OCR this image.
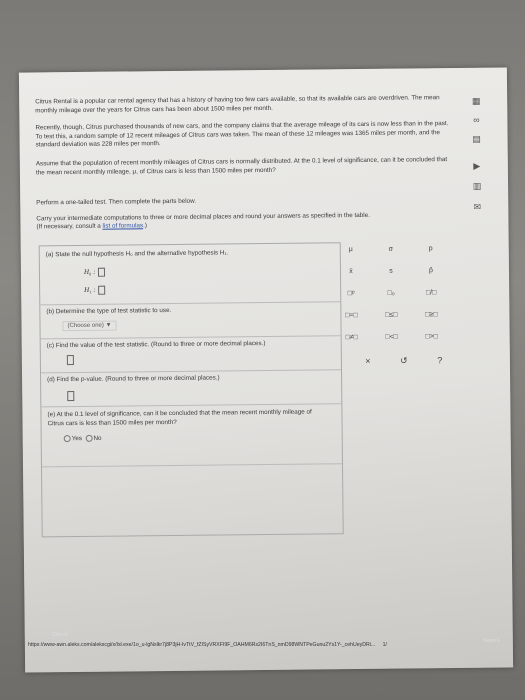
▦
∞
▤
▶
▥
✉
Citrus Rental is a popular car rental agency that has a history of having too few cars available, so that its available cars are overdriven. The mean monthly mileage over the years for Citrus cars has been about 1500 miles per month.
Recently, though, Citrus purchased thousands of new cars, and the company claims that the average mileage of its cars is now less than in the past. To test this, a random sample of 12 recent mileages of Citrus cars was taken. The mean of these 12 mileages was 1365 miles per month, and the standard deviation was 228 miles per month.
Assume that the population of recent monthly mileages of Citrus cars is normally distributed. At the 0.1 level of significance, can it be concluded that the mean recent monthly mileage, μ, of Citrus cars is less than 1500 miles per month?
Perform a one-tailed test. Then complete the parts below.
Carry your intermediate computations to three or more decimal places and round your answers as specified in the table.
(If necessary, consult a list of formulas.)
(a) State the null hypothesis H₀ and the alternative hypothesis H₁.
H₀ :
H₁ :
(b) Determine the type of test statistic to use.
(Choose one) ▼
(c) Find the value of the test statistic. (Round to three or more decimal places.)
(d) Find the p-value. (Round to three or more decimal places.)
(e) At the 0.1 level of significance, can it be concluded that the mean recent monthly mileage of Citrus cars is less than 1500 miles per month?
Yes No
μ	σ	p
x̄	s	p̂
□ᵖ	□₀	□/□
□=□	□≤□	□≥□
□≠□	□<□	□>□
×	↺	?
Check
Save F
https://www-awn.aleks.com/alekscgi/x/Isl.exe/1o_u-lgNslkr7j8P3jH-IvTtV_fZISyVRXFI9F_OAHM6Rx2I6TnS_nmD98WNTPeGunu2Ys1Y-_cehUeyDRi... 1/
